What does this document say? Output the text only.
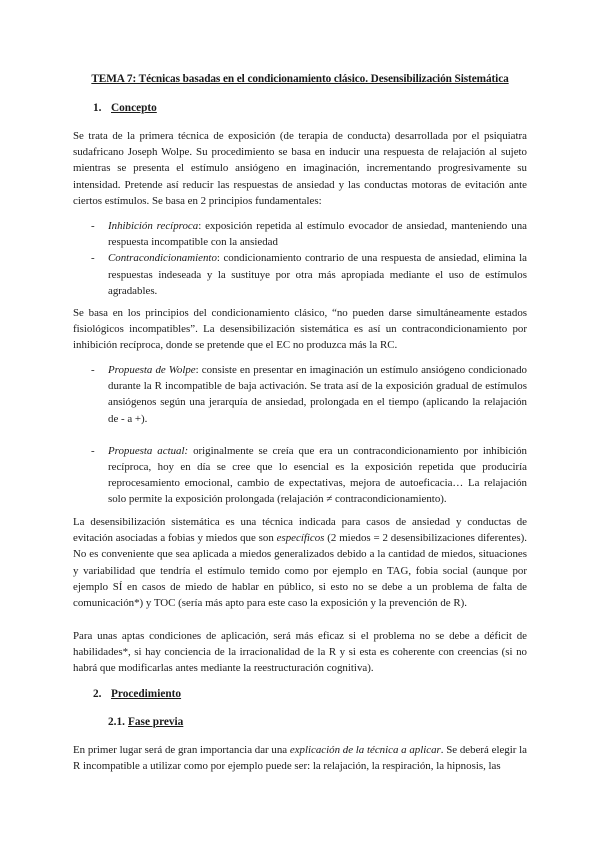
TEMA 7: Técnicas basadas en el condicionamiento clásico. Desensibilización Sistemática
1. Concepto

Se trata de la primera técnica de exposición (de terapia de conducta) desarrollada por el psiquiatra sudafricano Joseph Wolpe. Su procedimiento se basa en inducir una respuesta de relajación al sujeto mientras se presenta el estímulo ansiógeno en imaginación, incrementando progresivamente su intensidad. Pretende así reducir las respuestas de ansiedad y las conductas motoras de evitación ante ciertos estímulos. Se basa en 2 principios fundamentales:

- Inhibición recíproca: exposición repetida al estímulo evocador de ansiedad, manteniendo una respuesta incompatible con la ansiedad
- Contracondicionamiento: condicionamiento contrario de una respuesta de ansiedad, elimina la respuestas indeseada y la sustituye por otra más apropiada mediante el uso de estímulos agradables.

Se basa en los principios del condicionamiento clásico, “no pueden darse simultáneamente estados fisiológicos incompatibles”. La desensibilización sistemática es así un contracondicionamiento por inhibición recíproca, donde se pretende que el EC no produzca más la RC.

- Propuesta de Wolpe: consiste en presentar en imaginación un estímulo ansiógeno condicionado durante la R incompatible de baja activación. Se trata así de la exposición gradual de estímulos ansiógenos según una jerarquía de ansiedad, prolongada en el tiempo (aplicando la relajación de - a +).
- Propuesta actual: originalmente se creía que era un contracondicionamiento por inhibición recíproca, hoy en día se cree que lo esencial es la exposición repetida que produciría reprocesamiento emocional, cambio de expectativas, mejora de autoeficacia… La relajación solo permite la exposición prolongada (relajación ≠ contracondicionamiento).

La desensibilización sistemática es una técnica indicada para casos de ansiedad y conductas de evitación asociadas a fobias y miedos que son específicos (2 miedos = 2 desensibilizaciones diferentes). No es conveniente que sea aplicada a miedos generalizados debido a la cantidad de miedos, situaciones y variabilidad que tendría el estímulo temido como por ejemplo en TAG, fobia social (aunque por ejemplo SÍ en casos de miedo de hablar en público, si esto no se debe a un problema de falta de comunicación*) y TOC (sería más apto para este caso la exposición y la prevención de R).

Para unas aptas condiciones de aplicación, será más eficaz si el problema no se debe a déficit de habilidades*, si hay conciencia de la irracionalidad de la R y si esta es coherente con creencias (si no habrá que modificarlas antes mediante la reestructuración cognitiva).

2. Procedimiento
2.1. Fase previa

En primer lugar será de gran importancia dar una explicación de la técnica a aplicar. Se deberá elegir la R incompatible a utilizar como por ejemplo puede ser: la relajación, la respiración, la hipnosis, las
